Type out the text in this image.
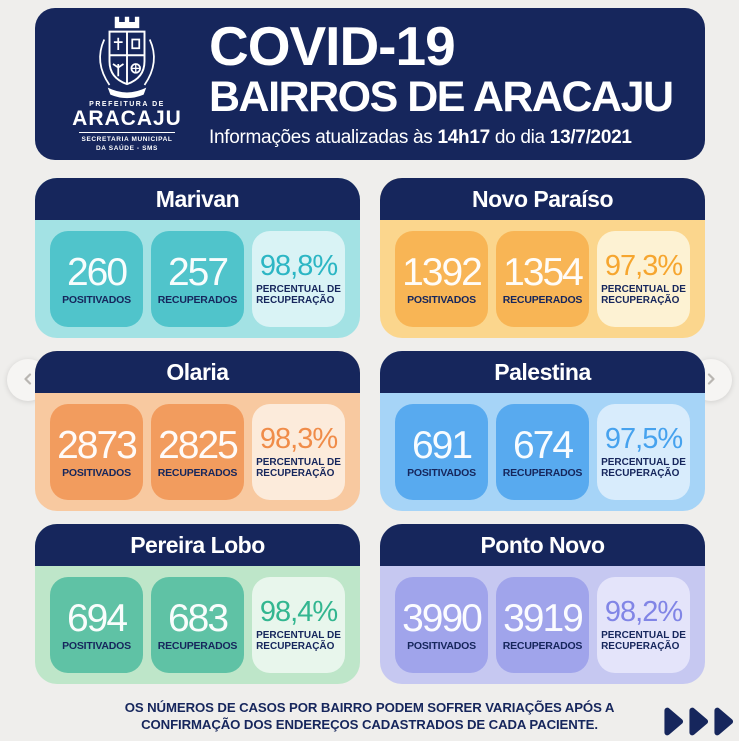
PREFEITURA DE
ARACAJU
SECRETARIA MUNICIPAL
DA SAÚDE - SMS
COVID-19
BAIRROS DE ARACAJU
Informações atualizadas às 14h17 do dia 13/7/2021
Marivan
260
POSITIVADOS
257
RECUPERADOS
98,8%
PERCENTUAL DE
RECUPERAÇÃO
Novo Paraíso
1392
POSITIVADOS
1354
RECUPERADOS
97,3%
PERCENTUAL DE
RECUPERAÇÃO
Olaria
2873
POSITIVADOS
2825
RECUPERADOS
98,3%
PERCENTUAL DE
RECUPERAÇÃO
Palestina
691
POSITIVADOS
674
RECUPERADOS
97,5%
PERCENTUAL DE
RECUPERAÇÃO
Pereira Lobo
694
POSITIVADOS
683
RECUPERADOS
98,4%
PERCENTUAL DE
RECUPERAÇÃO
Ponto Novo
3990
POSITIVADOS
3919
RECUPERADOS
98,2%
PERCENTUAL DE
RECUPERAÇÃO
OS NÚMEROS DE CASOS POR BAIRRO PODEM SOFRER VARIAÇÕES APÓS A
CONFIRMAÇÃO DOS ENDEREÇOS CADASTRADOS DE CADA PACIENTE.
